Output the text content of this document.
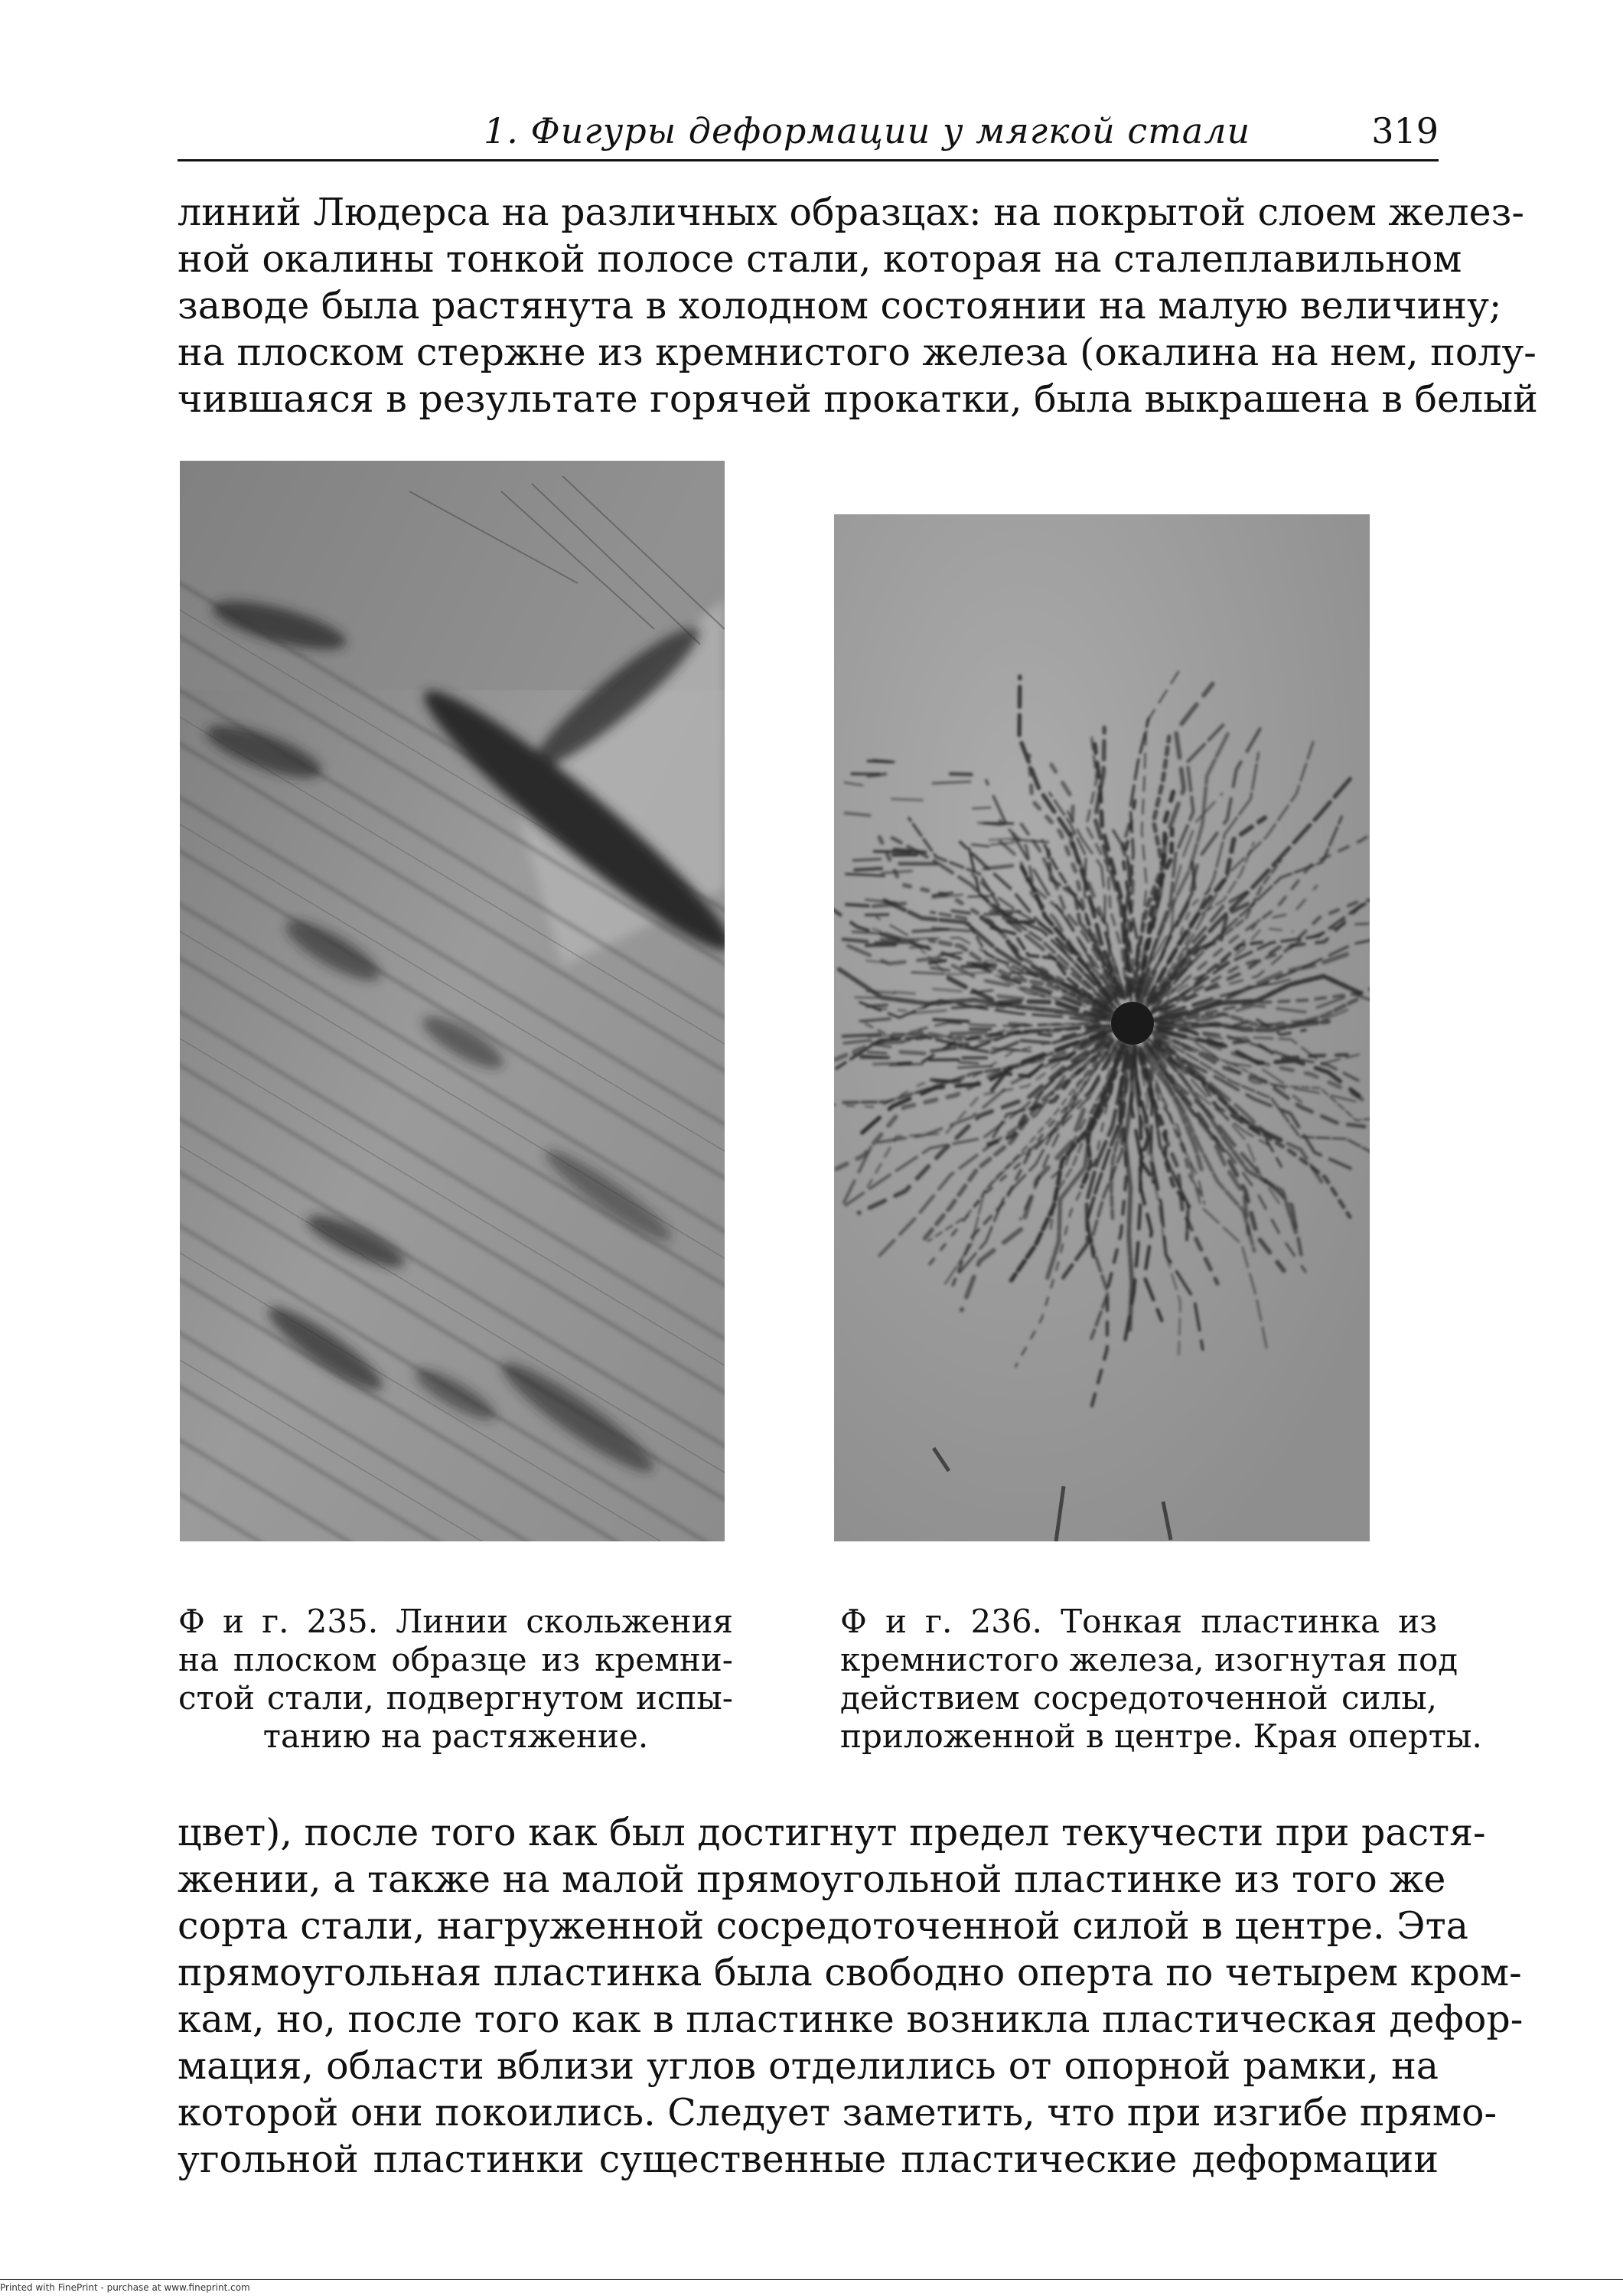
1. Фигуры деформации у мягкой стали	319

линий Людерса на различных образцах: на покрытой слоем желез-
ной окалины тонкой полосе стали, которая на сталеплавильном
заводе была растянута в холодном состоянии на малую величину;
на плоском стержне из кремнистого железа (окалина на нем, полу-
чившаяся в результате горячей прокатки, была выкрашена в белый

Ф и г. 235. Линии скольжения
на плоском образце из кремни-
стой стали, подвергнутом испы-
танию на растяжение.
Ф и г. 236. Тонкая пластинка из
кремнистого железа, изогнутая под
действием сосредоточенной силы,
приложенной в центре. Края оперты.

цвет), после того как был достигнут предел текучести при растя-
жении, а также на малой прямоугольной пластинке из того же
сорта стали, нагруженной сосредоточенной силой в центре. Эта
прямоугольная пластинка была свободно оперта по четырем кром-
кам, но, после того как в пластинке возникла пластическая дефор-
мация, области вблизи углов отделились от опорной рамки, на
которой они покоились. Следует заметить, что при изгибе прямо-
угольной пластинки существенные пластические деформации

Printed with FinePrint - purchase at www.fineprint.com
